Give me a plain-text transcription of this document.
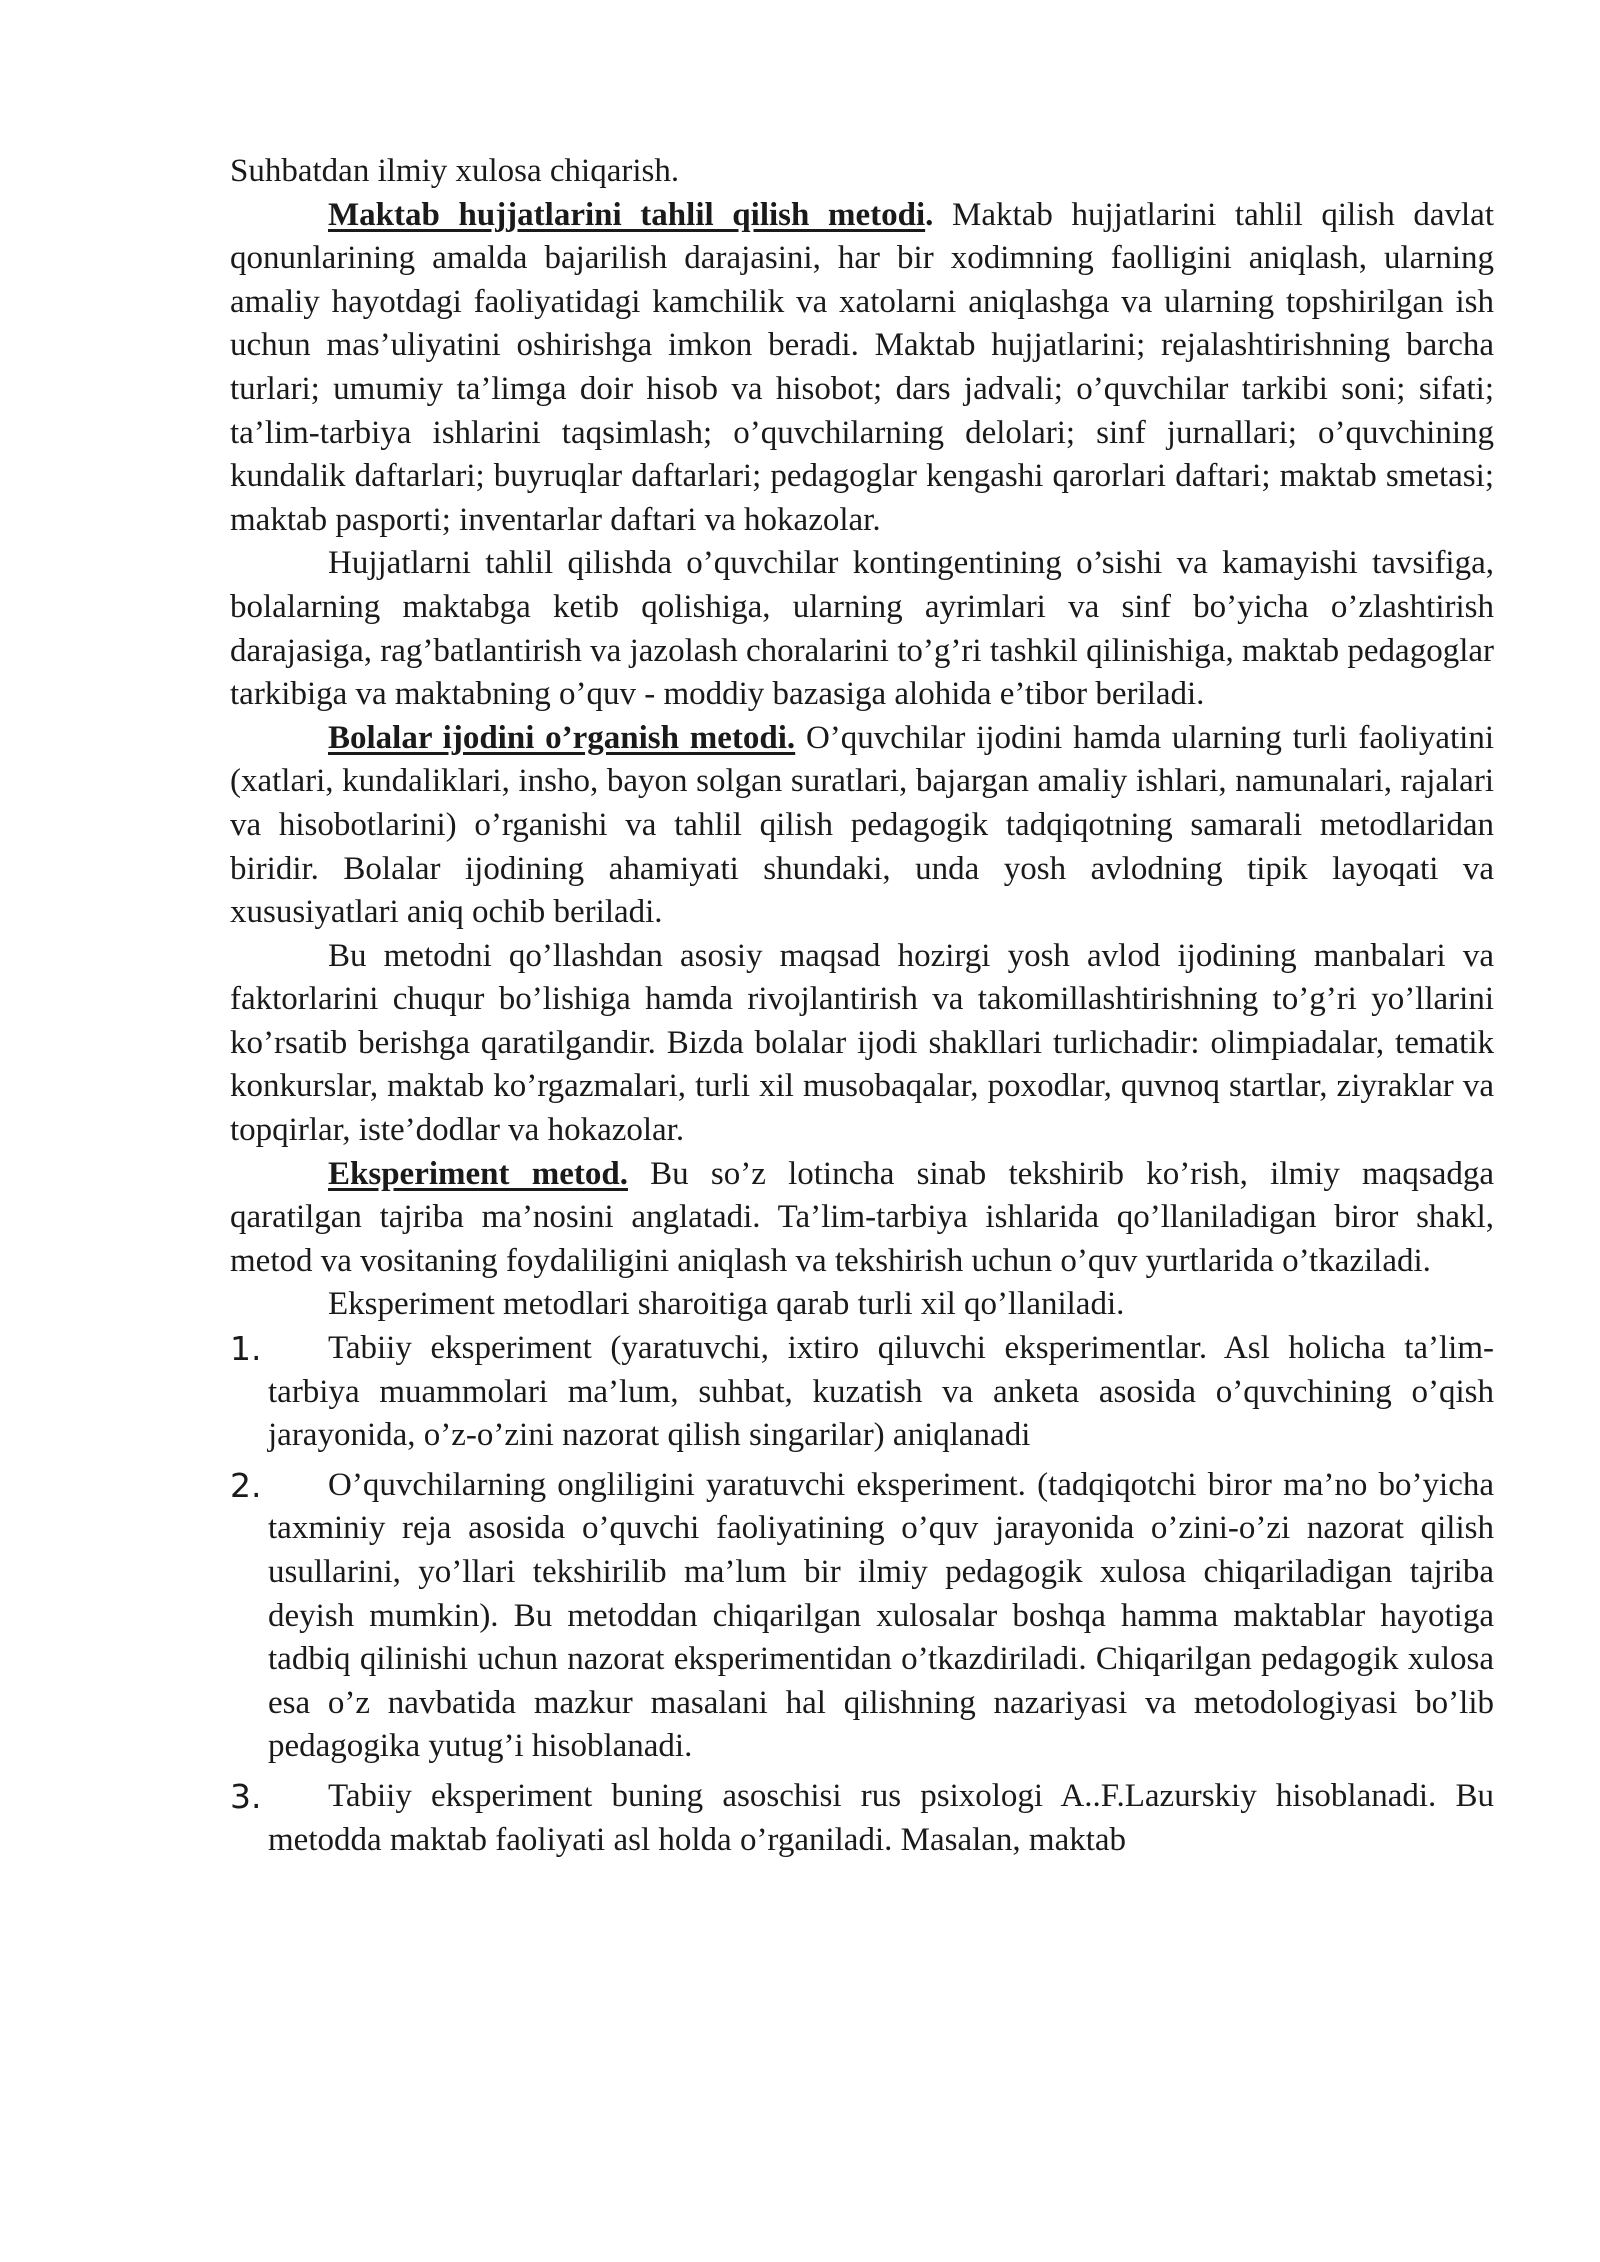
Suhbatdan ilmiy xulosa chiqarish.

Maktab hujjatlarini tahlil qilish metodi. Maktab hujjatlarini tahlil qilish davlat qonunlarining amalda bajarilish darajasini, har bir xodimning faolligini aniqlash, ularning amaliy hayotdagi faoliyatidagi kamchilik va xatolarni aniqlashga va ularning topshirilgan ish uchun mas’uliyatini oshirishga imkon beradi. Maktab hujjatlarini; rejalashtirishning barcha turlari; umumiy ta’limga doir hisob va hisobot; dars jadvali; o’quvchilar tarkibi soni; sifati; ta’lim-tarbiya ishlarini taqsimlash; o’quvchilarning delolari; sinf jurnallari; o’quvchining kundalik daftarlari; buyruqlar daftarlari; pedagoglar kengashi qarorlari daftari; maktab smetasi; maktab pasporti; inventarlar daftari va hokazolar.

Hujjatlarni tahlil qilishda o’quvchilar kontingentining o’sishi va kamayishi tavsifiga, bolalarning maktabga ketib qolishiga, ularning ayrimlari va sinf bo’yicha o’zlashtirish darajasiga, rag’batlantirish va jazolash choralarini to’g’ri tashkil qilinishiga, maktab pedagoglar tarkibiga va maktabning o’quv - moddiy bazasiga alohida e’tibor beriladi.

Bolalar ijodini o’rganish metodi. O’quvchilar ijodini hamda ularning turli faoliyatini (xatlari, kundaliklari, insho, bayon solgan suratlari, bajargan amaliy ishlari, namunalari, rajalari va hisobotlarini) o’rganishi va tahlil qilish pedagogik tadqiqotning samarali metodlaridan biridir. Bolalar ijodining ahamiyati shundaki, unda yosh avlodning tipik layoqati va xususiyatlari aniq ochib beriladi.

Bu metodni qo’llashdan asosiy maqsad hozirgi yosh avlod ijodining manbalari va faktorlarini chuqur bo’lishiga hamda rivojlantirish va takomillashtirishning to’g’ri yo’llarini ko’rsatib berishga qaratilgandir. Bizda bolalar ijodi shakllari turlichadir: olimpiadalar, tematik konkurslar, maktab ko’rgazmalari, turli xil musobaqalar, poxodlar, quvnoq startlar, ziyraklar va topqirlar, iste’dodlar va hokazolar.

Eksperiment metod. Bu so’z lotincha sinab tekshirib ko’rish, ilmiy maqsadga qaratilgan tajriba ma’nosini anglatadi. Ta’lim-tarbiya ishlarida qo’llaniladigan biror shakl, metod va vositaning foydaliligini aniqlash va tekshirish uchun o’quv yurtlarida o’tkaziladi.

Eksperiment metodlari sharoitiga qarab turli xil qo’llaniladi.

1.	Tabiiy eksperiment (yaratuvchi, ixtiro qiluvchi eksperimentlar. Asl holicha ta’lim-tarbiya muammolari ma’lum, suhbat, kuzatish va anketa asosida o’quvchining o’qish jarayonida, o’z-o’zini nazorat qilish singarilar) aniqlanadi

2.	O’quvchilarning ongliligini yaratuvchi eksperiment. (tadqiqotchi biror ma’no bo’yicha taxminiy reja asosida o’quvchi faoliyatining o’quv jarayonida o’zini-o’zi nazorat qilish usullarini, yo’llari tekshirilib ma’lum bir ilmiy pedagogik xulosa chiqariladigan tajriba deyish mumkin). Bu metoddan chiqarilgan xulosalar boshqa hamma maktablar hayotiga tadbiq qilinishi uchun nazorat eksperimentidan o’tkazdiriladi. Chiqarilgan pedagogik xulosa esa o’z navbatida mazkur masalani hal qilishning nazariyasi va metodologiyasi bo’lib pedagogika yutug’i hisoblanadi.

3.	Tabiiy eksperiment buning asoschisi rus psixologi A..F.Lazurskiy hisoblanadi. Bu metodda maktab faoliyati asl holda o’rganiladi. Masalan, maktab
